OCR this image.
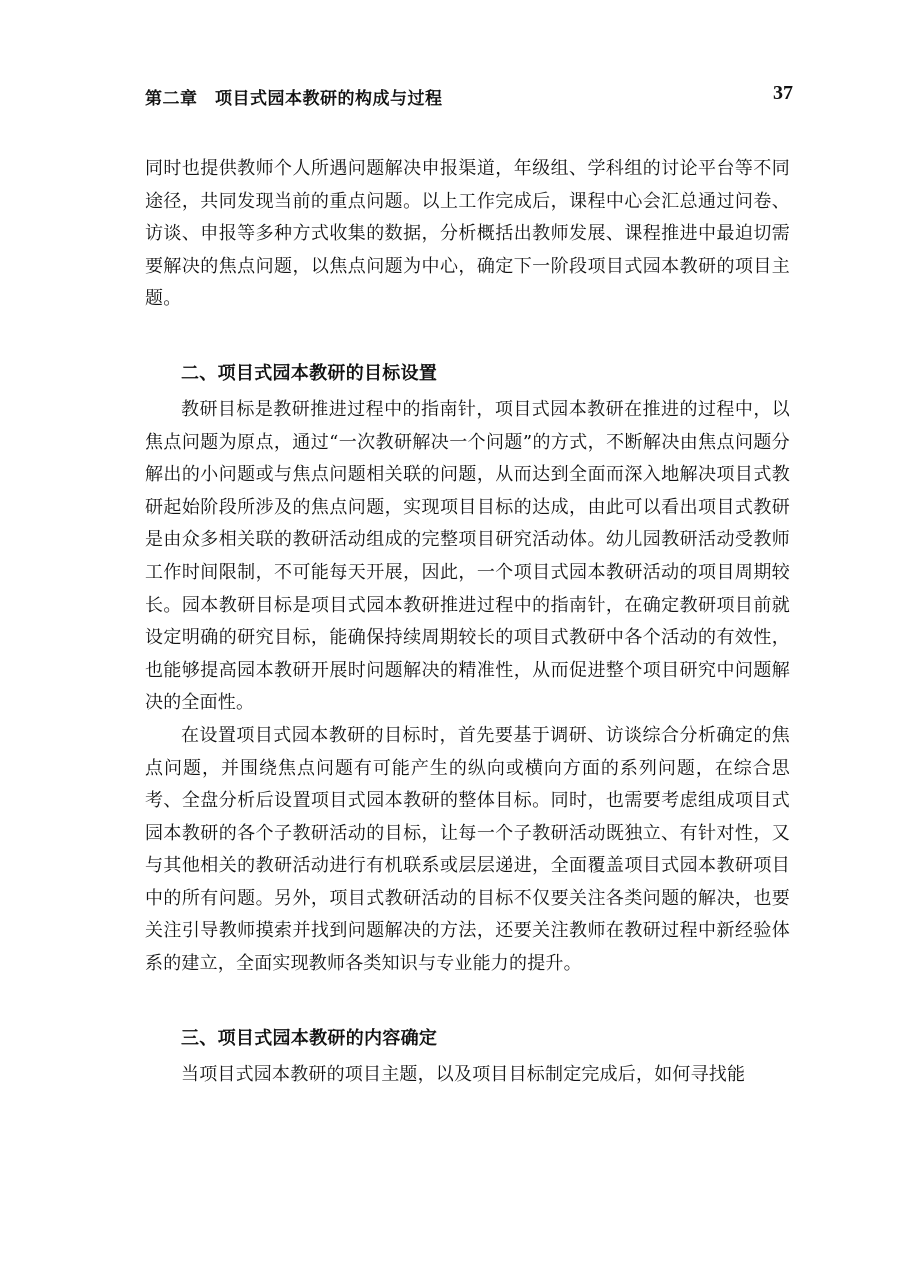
第二章　项目式园本教研的构成与过程	37

同时也提供教师个人所遇问题解决申报渠道，年级组、学科组的讨论平台等不同途径，共同发现当前的重点问题。以上工作完成后，课程中心会汇总通过问卷、访谈、申报等多种方式收集的数据，分析概括出教师发展、课程推进中最迫切需要解决的焦点问题，以焦点问题为中心，确定下一阶段项目式园本教研的项目主题。

二、项目式园本教研的目标设置

教研目标是教研推进过程中的指南针，项目式园本教研在推进的过程中，以焦点问题为原点，通过“一次教研解决一个问题”的方式，不断解决由焦点问题分解出的小问题或与焦点问题相关联的问题，从而达到全面而深入地解决项目式教研起始阶段所涉及的焦点问题，实现项目目标的达成，由此可以看出项目式教研是由众多相关联的教研活动组成的完整项目研究活动体。幼儿园教研活动受教师工作时间限制，不可能每天开展，因此，一个项目式园本教研活动的项目周期较长。园本教研目标是项目式园本教研推进过程中的指南针，在确定教研项目前就设定明确的研究目标，能确保持续周期较长的项目式教研中各个活动的有效性，也能够提高园本教研开展时问题解决的精准性，从而促进整个项目研究中问题解决的全面性。

在设置项目式园本教研的目标时，首先要基于调研、访谈综合分析确定的焦点问题，并围绕焦点问题有可能产生的纵向或横向方面的系列问题，在综合思考、全盘分析后设置项目式园本教研的整体目标。同时，也需要考虑组成项目式园本教研的各个子教研活动的目标，让每一个子教研活动既独立、有针对性，又与其他相关的教研活动进行有机联系或层层递进，全面覆盖项目式园本教研项目中的所有问题。另外，项目式教研活动的目标不仅要关注各类问题的解决，也要关注引导教师摸索并找到问题解决的方法，还要关注教师在教研过程中新经验体系的建立，全面实现教师各类知识与专业能力的提升。

三、项目式园本教研的内容确定

当项目式园本教研的项目主题，以及项目目标制定完成后，如何寻找能
